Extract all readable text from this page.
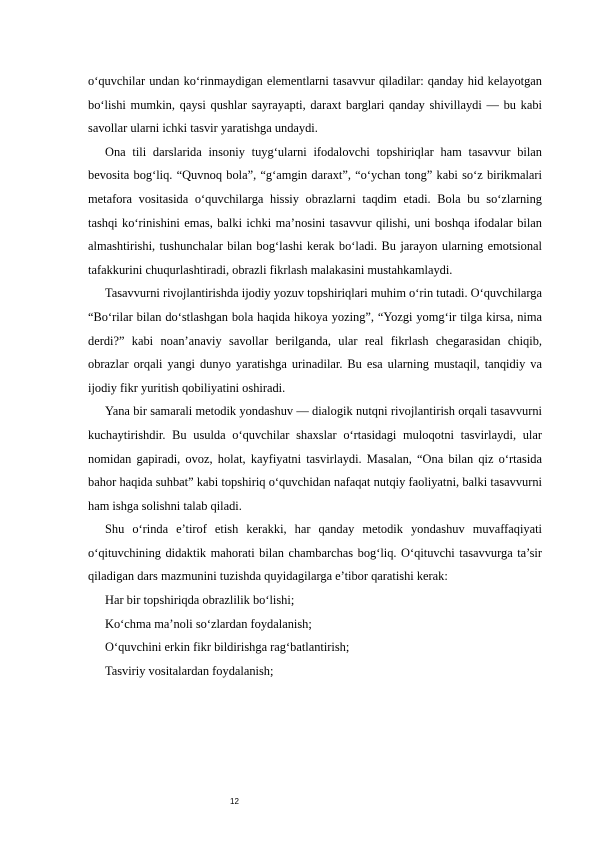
o‘quvchilar undan ko‘rinmaydigan elementlarni tasavvur qiladilar: qanday hid kelayotgan bo‘lishi mumkin, qaysi qushlar sayrayapti, daraxt barglari qanday shivillaydi — bu kabi savollar ularni ichki tasvir yaratishga undaydi.

Ona tili darslarida insoniy tuyg‘ularni ifodalovchi topshiriqlar ham tasavvur bilan bevosita bog‘liq. “Quvnoq bola”, “g‘amgin daraxt”, “o‘ychan tong” kabi so‘z birikmalari metafora vositasida o‘quvchilarga hissiy obrazlarni taqdim etadi. Bola bu so‘zlarning tashqi ko‘rinishini emas, balki ichki ma’nosini tasavvur qilishi, uni boshqa ifodalar bilan almashtirishi, tushunchalar bilan bog‘lashi kerak bo‘ladi. Bu jarayon ularning emotsional tafakkurini chuqurlashtiradi, obrazli fikrlash malakasini mustahkamlaydi.

Tasavvurni rivojlantirishda ijodiy yozuv topshiriqlari muhim o‘rin tutadi. O‘quvchilarga “Bo‘rilar bilan do‘stlashgan bola haqida hikoya yozing”, “Yozgi yomg‘ir tilga kirsa, nima derdi?” kabi noan’anaviy savollar berilganda, ular real fikrlash chegarasidan chiqib, obrazlar orqali yangi dunyo yaratishga urinadilar. Bu esa ularning mustaqil, tanqidiy va ijodiy fikr yuritish qobiliyatini oshiradi.

Yana bir samarali metodik yondashuv — dialogik nutqni rivojlantirish orqali tasavvurni kuchaytirishdir. Bu usulda o‘quvchilar shaxslar o‘rtasidagi muloqotni tasvirlaydi, ular nomidan gapiradi, ovoz, holat, kayfiyatni tasvirlaydi. Masalan, “Ona bilan qiz o‘rtasida bahor haqida suhbat” kabi topshiriq o‘quvchidan nafaqat nutqiy faoliyatni, balki tasavvurni ham ishga solishni talab qiladi.

Shu o‘rinda e’tirof etish kerakki, har qanday metodik yondashuv muvaffaqiyati o‘qituvchining didaktik mahorati bilan chambarchas bog‘liq. O‘qituvchi tasavvurga ta’sir qiladigan dars mazmunini tuzishda quyidagilarga e’tibor qaratishi kerak:

Har bir topshiriqda obrazlilik bo‘lishi;

Ko‘chma ma’noli so‘zlardan foydalanish;

O‘quvchini erkin fikr bildirishga rag‘batlantirish;

Tasviriy vositalardan foydalanish;

12
